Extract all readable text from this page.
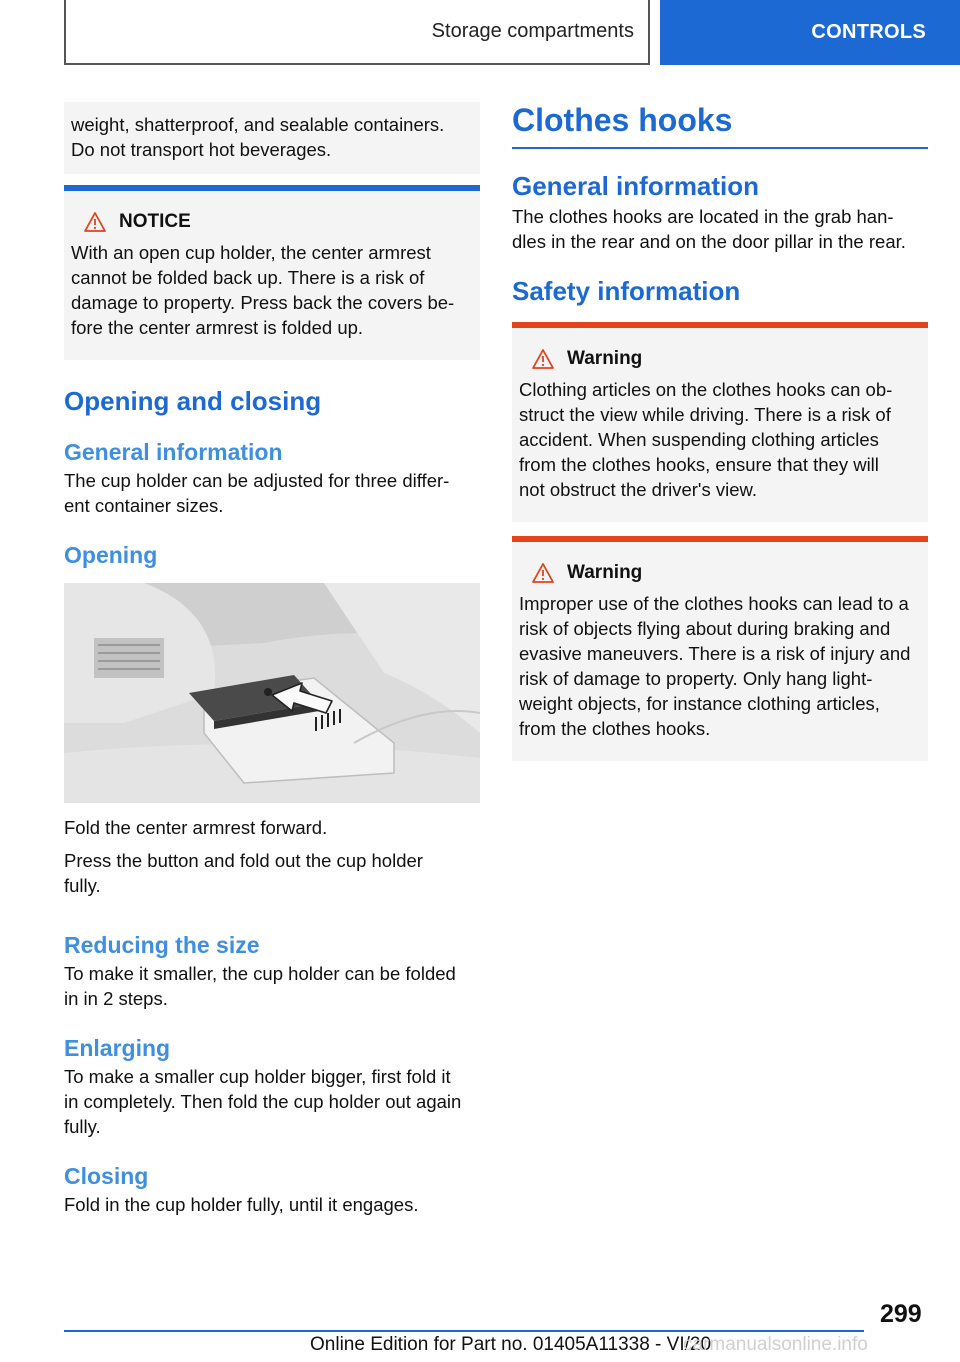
Storage compartments	CONTROLS

weight, shatterproof, and sealable containers.

Do not transport hot beverages.

NOTICE

With an open cup holder, the center armrest

cannot be folded back up. There is a risk of

damage to property. Press back the covers be-

fore the center armrest is folded up.

Opening and closing
General information

The cup holder can be adjusted for three differ-

ent container sizes.

Opening

Fold the center armrest forward.

Press the button and fold out the cup holder

fully.

Reducing the size

To make it smaller, the cup holder can be folded

in in 2 steps.

Enlarging

To make a smaller cup holder bigger, first fold it

in completely. Then fold the cup holder out again

fully.

Closing

Fold in the cup holder fully, until it engages.

Clothes hooks
General information

The clothes hooks are located in the grab han-

dles in the rear and on the door pillar in the rear.

Safety information
Warning

Clothing articles on the clothes hooks can ob-

struct the view while driving. There is a risk of

accident. When suspending clothing articles

from the clothes hooks, ensure that they will

not obstruct the driver's view.

Warning

Improper use of the clothes hooks can lead to a

risk of objects flying about during braking and

evasive maneuvers. There is a risk of injury and

risk of damage to property. Only hang light-

weight objects, for instance clothing articles,

from the clothes hooks.

299
Online Edition for Part no. 01405A11338 - VI/20
carmanualsonline.info
